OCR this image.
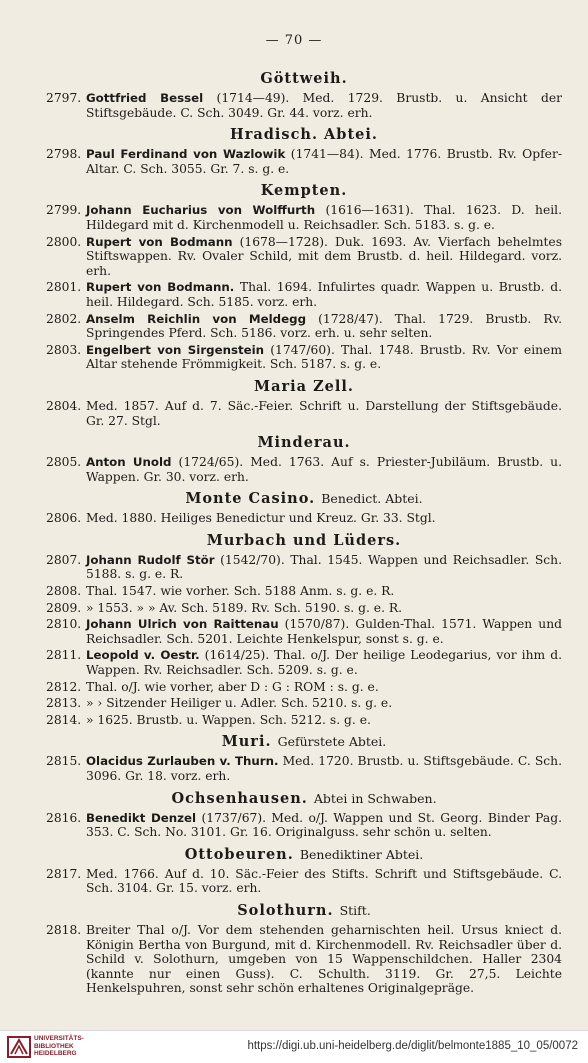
— 70 —
Göttweih.
2797. Gottfried Bessel (1714—49). Med. 1729. Brustb. u. Ansicht der Stiftsgebäude. C. Sch. 3049. Gr. 44. vorz. erh.
Hradisch. Abtei.
2798. Paul Ferdinand von Wazlowik (1741—84). Med. 1776. Brustb. Rv. Opfer-Altar. C. Sch. 3055. Gr. 7. s. g. e.
Kempten.
2799. Johann Eucharius von Wolffurth (1616—1631). Thal. 1623. D. heil. Hildegard mit d. Kirchenmodell u. Reichsadler. Sch. 5183. s. g. e.
2800. Rupert von Bodmann (1678—1728). Duk. 1693. Av. Vierfach behelmtes Stiftswappen. Rv. Ovaler Schild, mit dem Brustb. d. heil. Hildegard. vorz. erh.
2801. Rupert von Bodmann. Thal. 1694. Infulirtes quadr. Wappen u. Brustb. d. heil. Hildegard. Sch. 5185. vorz. erh.
2802. Anselm Reichlin von Meldegg (1728/47). Thal. 1729. Brustb. Rv. Springendes Pferd. Sch. 5186. vorz. erh. u. sehr selten.
2803. Engelbert von Sirgenstein (1747/60). Thal. 1748. Brustb. Rv. Vor einem Altar stehende Frömmigkeit. Sch. 5187. s. g. e.
Maria Zell.
2804. Med. 1857. Auf d. 7. Säc.-Feier. Schrift u. Darstellung der Stiftsgebäude. Gr. 27. Stgl.
Minderau.
2805. Anton Unold (1724/65). Med. 1763. Auf s. Priester-Jubiläum. Brustb. u. Wappen. Gr. 30. vorz. erh.
Monte Casino. Benedict. Abtei.
2806. Med. 1880. Heiliges Benedictur und Kreuz. Gr. 33. Stgl.
Murbach und Lüders.
2807. Johann Rudolf Stör (1542/70). Thal. 1545. Wappen und Reichsadler. Sch. 5188. s. g. e. R.
2808. Thal. 1547. wie vorher. Sch. 5188 Anm. s. g. e. R.
2809. » 1553. » » Av. Sch. 5189. Rv. Sch. 5190. s. g. e. R.
2810. Johann Ulrich von Raittenau (1570/87). Gulden-Thal. 1571. Wappen und Reichsadler. Sch. 5201. Leichte Henkelspur, sonst s. g. e.
2811. Leopold v. Oestr. (1614/25). Thal. o/J. Der heilige Leodegarius, vor ihm d. Wappen. Rv. Reichsadler. Sch. 5209. s. g. e.
2812. Thal. o/J. wie vorher, aber D : G : ROM : s. g. e.
2813. » › Sitzender Heiliger u. Adler. Sch. 5210. s. g. e.
2814. » 1625. Brustb. u. Wappen. Sch. 5212. s. g. e.
Muri. Gefürstete Abtei.
2815. Olacidus Zurlauben v. Thurn. Med. 1720. Brustb. u. Stiftsgebäude. C. Sch. 3096. Gr. 18. vorz. erh.
Ochsenhausen. Abtei in Schwaben.
2816. Benedikt Denzel (1737/67). Med. o/J. Wappen und St. Georg. Binder Pag. 353. C. Sch. No. 3101. Gr. 16. Originalguss. sehr schön u. selten.
Ottobeuren. Benediktiner Abtei.
2817. Med. 1766. Auf d. 10. Säc.-Feier des Stifts. Schrift und Stiftsgebäude. C. Sch. 3104. Gr. 15. vorz. erh.
Solothurn. Stift.
2818. Breiter Thal o/J. Vor dem stehenden geharnischten heil. Ursus kniect d. Königin Bertha von Burgund, mit d. Kirchenmodell. Rv. Reichsadler über d. Schild v. Solothurn, umgeben von 15 Wappenschildchen. Haller 2304 (kannte nur einen Guss). C. Schulth. 3119. Gr. 27,5. Leichte Henkelspuhren, sonst sehr schön erhaltenes Originalgepräge.
UNIVERSITÄTS-
BIBLIOTHEK
HEIDELBERG
https://digi.ub.uni-heidelberg.de/diglit/belmonte1885_10_05/0072
